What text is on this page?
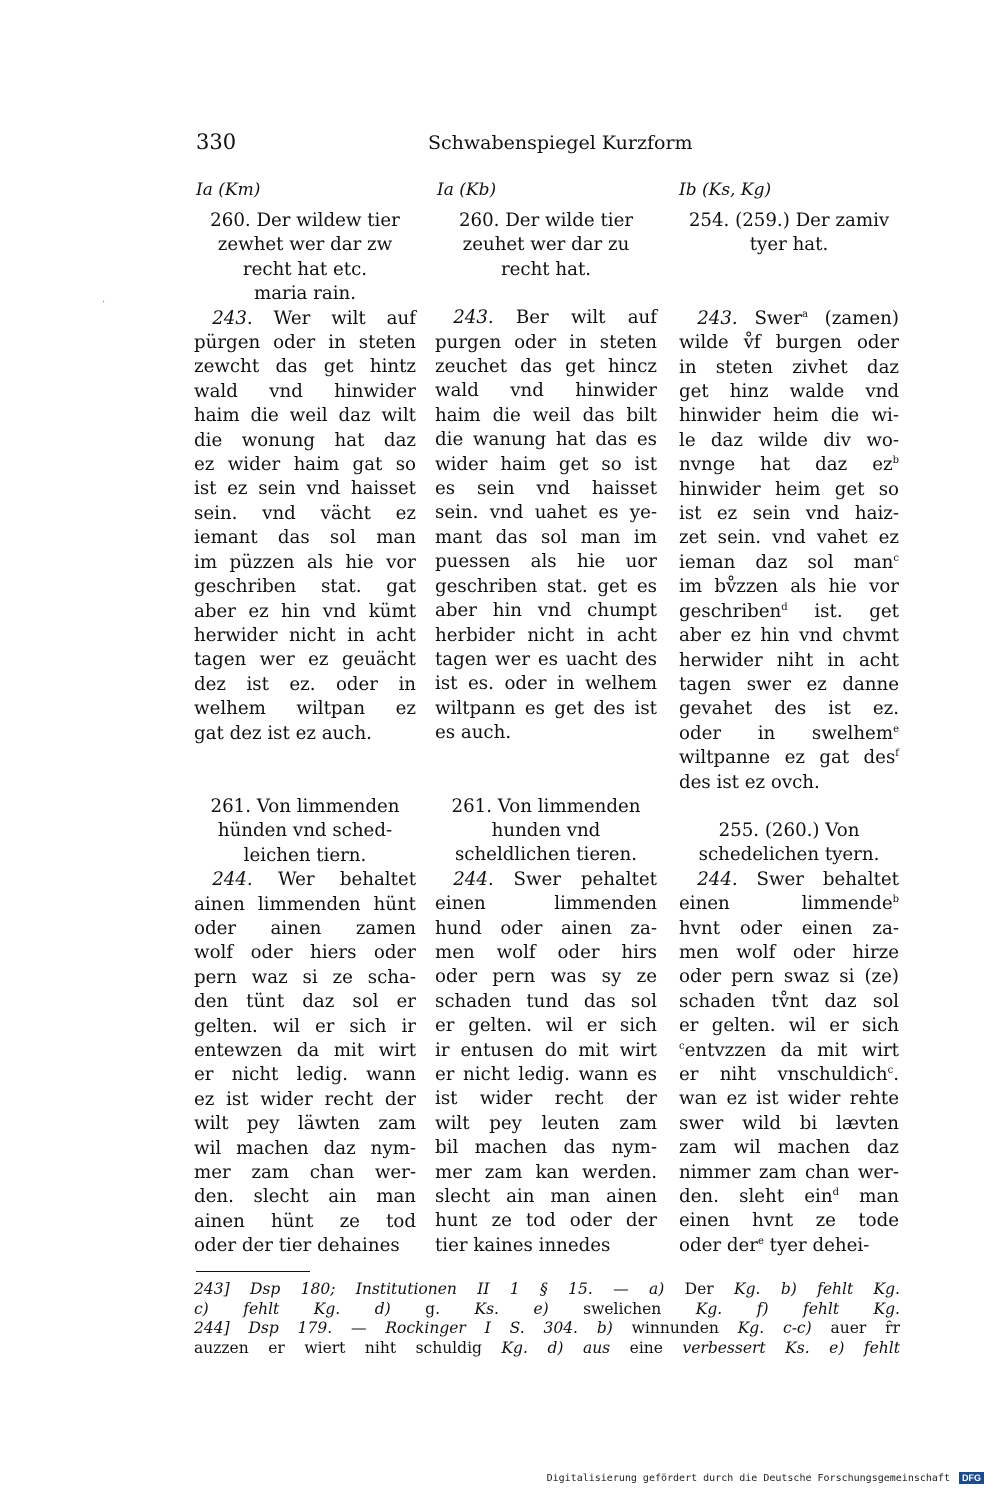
330	Schwabenspiegel Kurzform
‘
Ia (Km)	Ia (Kb)	Ib (Ks, Kg)
260. Der wildew tier
zewhet wer dar zw
recht hat etc.
maria rain.
 243. Wer wilt auf
pürgen oder in steten
zewcht das get hintz
wald vnd hinwider
haim die weil daz wilt
die wonung hat daz
ez wider haim gat so
ist ez sein vnd haisset
sein. vnd vächt ez
iemant das sol man
im püzzen als hie vor
geschriben stat. gat
aber ez hin vnd kümt
herwider nicht in acht
tagen wer ez geuächt
dez ist ez. oder in
welhem wiltpan ez
gat dez ist ez auch.
261. Von limmenden
hünden vnd sched-
leichen tiern.
 244. Wer behaltet
ainen limmenden hünt
oder ainen zamen
wolf oder hiers oder
pern waz si ze scha-
den tünt daz sol er
gelten. wil er sich ir
entewzen da mit wirt
er nicht ledig. wann
ez ist wider recht der
wilt pey läwten zam
wil machen daz nym-
mer zam chan wer-
den. slecht ain man
ainen hünt ze tod
oder der tier dehaines
260. Der wilde tier
zeuhet wer dar zu
recht hat.
 243. Ber wilt auf
purgen oder in steten
zeuchet das get hincz
wald vnd hinwider
haim die weil das bilt
die wanung hat das es
wider haim get so ist
es sein vnd haisset
sein. vnd uahet es ye-
mant das sol man im
puessen als hie uor
geschriben stat. get es
aber hin vnd chumpt
herbider nicht in acht
tagen wer es uacht des
ist es. oder in welhem
wiltpann es get des ist
es auch.
261. Von limmenden
hunden vnd
scheldlichen tieren.
 244. Swer pehaltet
einen limmenden
hund oder ainen za-
men wolf oder hirs
oder pern was sy ze
schaden tund das sol
er gelten. wil er sich
ir entusen do mit wirt
er nicht ledig. wann es
ist wider recht der
wilt pey leuten zam
bil machen das nym-
mer zam kan werden.
slecht ain man ainen
hunt ze tod oder der
tier kaines innedes
254. (259.) Der zamiv
tyer hat.
 243. Swer$^a$ (zamen)
wilde v̊f burgen oder
in steten zivhet daz
get hinz walde vnd
hinwider heim die wi-
le daz wilde div wo-
nvnge hat daz $ez^b$
hinwider heim get so
ist ez sein vnd haiz-
zet sein. vnd vahet ez
ieman daz sol man$^c$
im bv̊zzen als hie vor
geschriben$^d$ ist. get
aber ez hin vnd chvmt
herwider niht in acht
tagen swer ez danne
gevahet des ist ez.
oder in swelhem$^e$
wiltpanne ez gat des$^f$
des ist ez ovch.
255. (260.) Von
schedelichen tyern.
 244. Swer behaltet
einen limmende$^b$
hvnt oder einen za-
men wolf oder hirze
oder pern swaz si (ze)
schaden tv̊nt daz sol
er gelten. wil er sich
$^c$entvzzen da mit wirt
er niht vnschuldich$^c$.
wan ez ist wider rehte
swer wild bi lævten
zam wil machen daz
nimmer zam chan wer-
den. sleht ein$^d$ man
einen hvnt ze tode
oder der$^e$ tyer dehei-
243] Dsp 180; Institutionen II 1 § 15. — a) Der Kg. b) fehlt Kg.
c) fehlt Kg. d) g. Ks. e) swelichen Kg. f) fehlt Kg.
244] Dsp 179. — Rockinger I S. 304. b) winnunden Kg. c-c) auer ȓr
auzzen er wiert niht schuldig Kg. d) aus eine verbessert Ks. e) fehlt
Digitalisierung gefördert durch die Deutsche Forschungsgemeinschaft DFG
